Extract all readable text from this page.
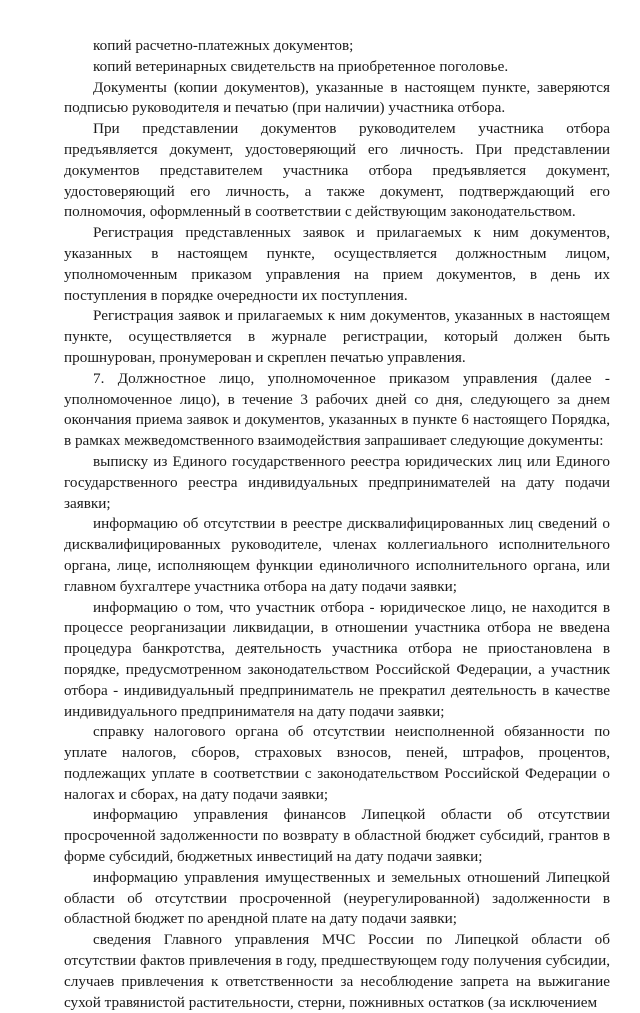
копий расчетно-платежных документов;

копий ветеринарных свидетельств на приобретенное поголовье.

Документы (копии документов), указанные в настоящем пункте, заверяются подписью руководителя и печатью (при наличии) участника отбора.

При представлении документов руководителем участника отбора предъявляется документ, удостоверяющий его личность. При представлении документов представителем участника отбора предъявляется документ, удостоверяющий его личность, а также документ, подтверждающий его полномочия, оформленный в соответствии с действующим законодательством.

Регистрация представленных заявок и прилагаемых к ним документов, указанных в настоящем пункте, осуществляется должностным лицом, уполномоченным приказом управления на прием документов, в день их поступления в порядке очередности их поступления.

Регистрация заявок и прилагаемых к ним документов, указанных в настоящем пункте, осуществляется в журнале регистрации, который должен быть прошнурован, пронумерован и скреплен печатью управления.

7. Должностное лицо, уполномоченное приказом управления (далее - уполномоченное лицо), в течение 3 рабочих дней со дня, следующего за днем окончания приема заявок и документов, указанных в пункте 6 настоящего Порядка, в рамках межведомственного взаимодействия запрашивает следующие документы:

выписку из Единого государственного реестра юридических лиц или Единого государственного реестра индивидуальных предпринимателей на дату подачи заявки;

информацию об отсутствии в реестре дисквалифицированных лиц сведений о дисквалифицированных руководителе, членах коллегиального исполнительного органа, лице, исполняющем функции единоличного исполнительного органа, или главном бухгалтере участника отбора на дату подачи заявки;

информацию о том, что участник отбора - юридическое лицо, не находится в процессе реорганизации ликвидации, в отношении участника отбора не введена процедура банкротства, деятельность участника отбора не приостановлена в порядке, предусмотренном законодательством Российской Федерации, а участник отбора - индивидуальный предприниматель не прекратил деятельность в качестве индивидуального предпринимателя на дату подачи заявки;

справку налогового органа об отсутствии неисполненной обязанности по уплате налогов, сборов, страховых взносов, пеней, штрафов, процентов, подлежащих уплате в соответствии с законодательством Российской Федерации о налогах и сборах, на дату подачи заявки;

информацию управления финансов Липецкой области об отсутствии просроченной задолженности по возврату в областной бюджет субсидий, грантов в форме субсидий, бюджетных инвестиций на дату подачи заявки;

информацию управления имущественных и земельных отношений Липецкой области об отсутствии просроченной (неурегулированной) задолженности в областной бюджет по арендной плате на дату подачи заявки;

сведения Главного управления МЧС России по Липецкой области об отсутствии фактов привлечения в году, предшествующем году получения субсидии, случаев привлечения к ответственности за несоблюдение запрета на выжигание сухой травянистой растительности, стерни, пожнивных остатков (за исключением
